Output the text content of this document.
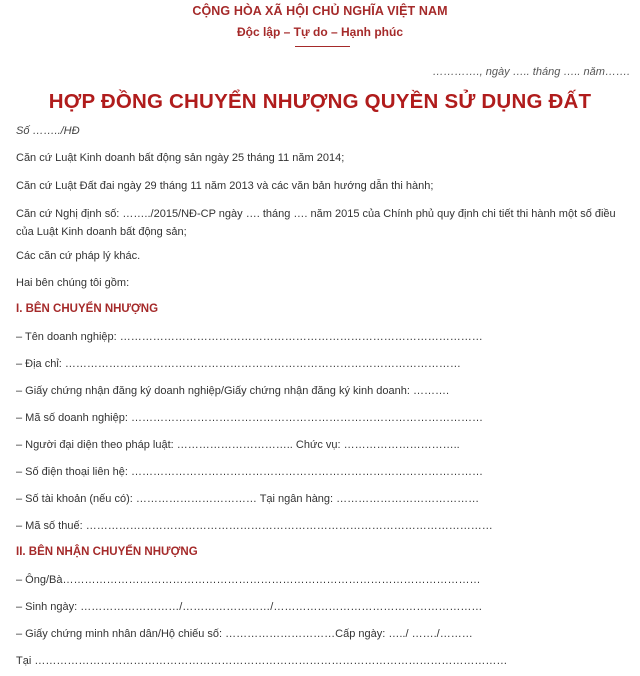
CỘNG HÒA XÃ HỘI CHỦ NGHĨA VIỆT NAM
Độc lập – Tự do – Hạnh phúc
…………., ngày ….. tháng ….. năm…….
HỢP ĐỒNG CHUYỂN NHƯỢNG QUYỀN SỬ DỤNG ĐẤT
Số ……../HĐ
Căn cứ Luật Kinh doanh bất động sản ngày 25 tháng 11 năm 2014;
Căn cứ Luật Đất đai ngày 29 tháng 11 năm 2013 và các văn bản hướng dẫn thi hành;
Căn cứ Nghị định số: ……../2015/NĐ-CP ngày …. tháng …. năm 2015 của Chính phủ quy định chi tiết thi hành một số điều của Luật Kinh doanh bất động sản;
Các căn cứ pháp lý khác.
Hai bên chúng tôi gồm:
I. BÊN CHUYỂN NHƯỢNG
– Tên doanh nghiệp: ………………………………………………………………………………………
– Địa chỉ: ………………………………………………………………………………………………
– Giấy chứng nhận đăng ký doanh nghiệp/Giấy chứng nhận đăng ký kinh doanh: ……….
– Mã số doanh nghiệp: ……………………………………………………………………………………
– Người đại diện theo pháp luật: ………………………….. Chức vụ: …………………………..
– Số điện thoại liên hệ: ……………………………………………………………………………………
– Số tài khoản (nếu có): …………………………… Tại ngân hàng: …………………………………
– Mã số thuế: …………………………………………………………………………………………………
II. BÊN NHẬN CHUYỂN NHƯỢNG
– Ông/Bà……………………………………………………………………………………………………
– Sinh ngày: ………………………/……………………/…………………………………………………
– Giấy chứng minh nhân dân/Hộ chiếu số: …………………………Cấp ngày: …../ ……./………
Tại …………………………………………………………………………………………………………………
